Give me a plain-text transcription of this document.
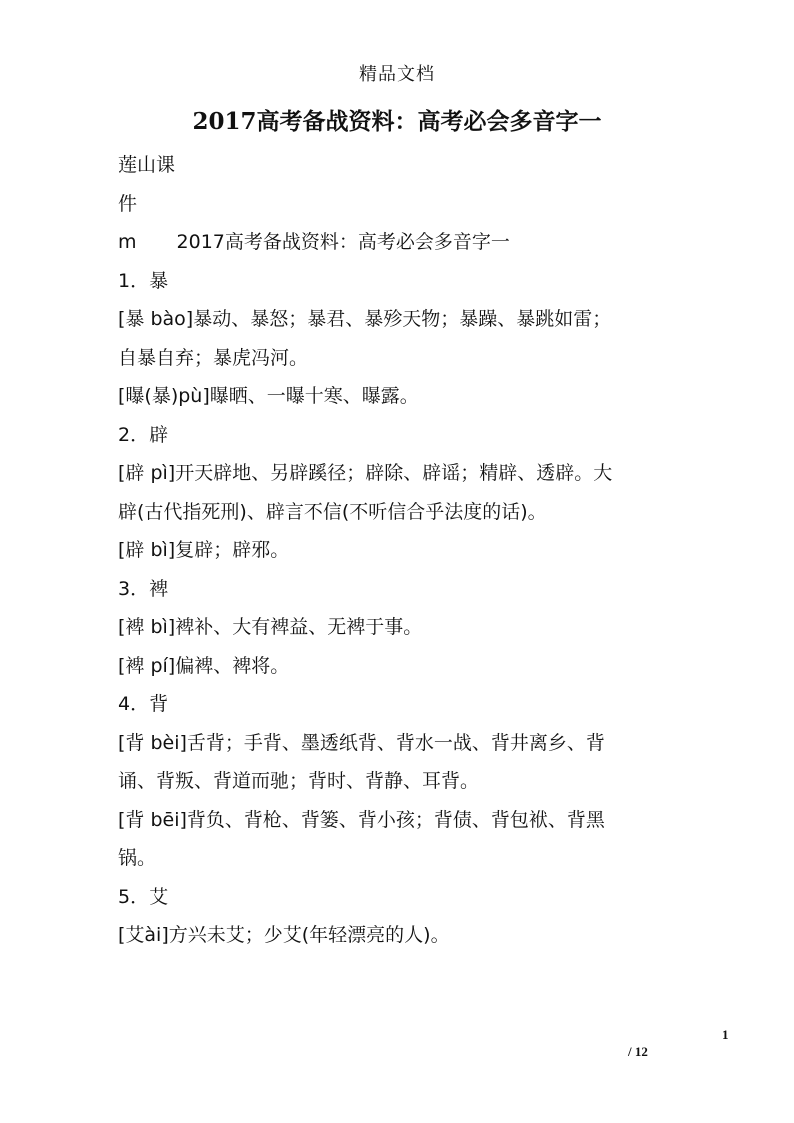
精品文档
2017高考备战资料：高考必会多音字一
莲山课
件
m 2017高考备战资料：高考必会多音字一
1．暴
[暴 bào]暴动、暴怒；暴君、暴殄天物；暴躁、暴跳如雷；
自暴自弃；暴虎冯河。
[曝(暴)pù]曝晒、一曝十寒、曝露。
2．辟
[辟 pì]开天辟地、另辟蹊径；辟除、辟谣；精辟、透辟。大
辟(古代指死刑)、辟言不信(不听信合乎法度的话)。
[辟 bì]复辟；辟邪。
3．裨
[裨 bì]裨补、大有裨益、无裨于事。
[裨 pí]偏裨、裨将。
4．背
[背 bèi]舌背；手背、墨透纸背、背水一战、背井离乡、背
诵、背叛、背道而驰；背时、背静、耳背。
[背 bēi]背负、背枪、背篓、背小孩；背债、背包袱、背黑
锅。
5．艾
[艾ài]方兴未艾；少艾(年轻漂亮的人)。
1
/ 12
